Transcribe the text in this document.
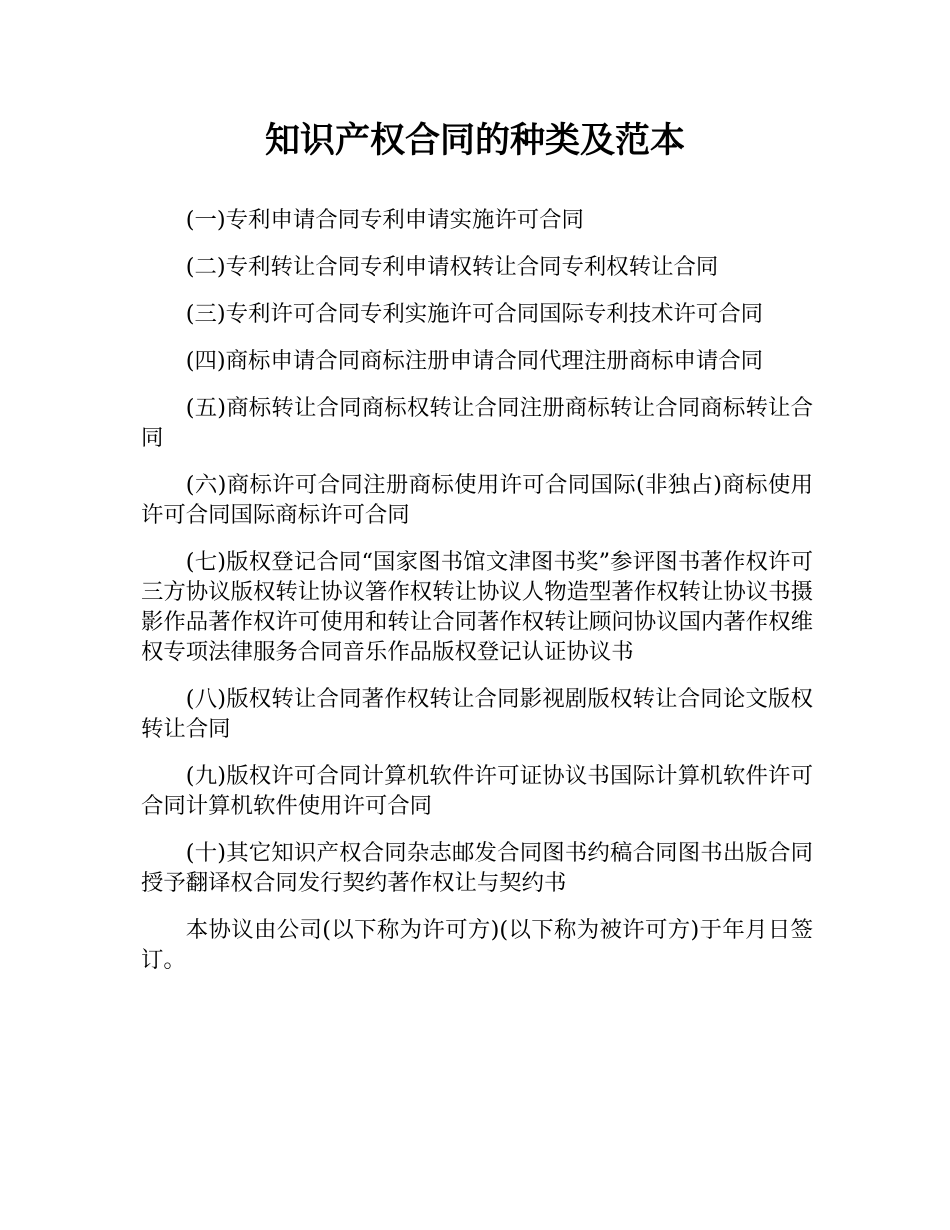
知识产权合同的种类及范本

(一)专利申请合同专利申请实施许可合同

(二)专利转让合同专利申请权转让合同专利权转让合同

(三)专利许可合同专利实施许可合同国际专利技术许可合同

(四)商标申请合同商标注册申请合同代理注册商标申请合同

(五)商标转让合同商标权转让合同注册商标转让合同商标转让合同

(六)商标许可合同注册商标使用许可合同国际(非独占)商标使用许可合同国际商标许可合同

(七)版权登记合同“国家图书馆文津图书奖”参评图书著作权许可三方协议版权转让协议箸作权转让协议人物造型著作权转让协议书摄影作品著作权许可使用和转让合同著作权转让顾问协议国内著作权维权专项法律服务合同音乐作品版权登记认证协议书

(八)版权转让合同著作权转让合同影视剧版权转让合同论文版权转让合同

(九)版权许可合同计算机软件许可证协议书国际计算机软件许可合同计算机软件使用许可合同

(十)其它知识产权合同杂志邮发合同图书约稿合同图书出版合同授予翻译权合同发行契约著作权让与契约书

本协议由公司(以下称为许可方)(以下称为被许可方)于年月日签订。
